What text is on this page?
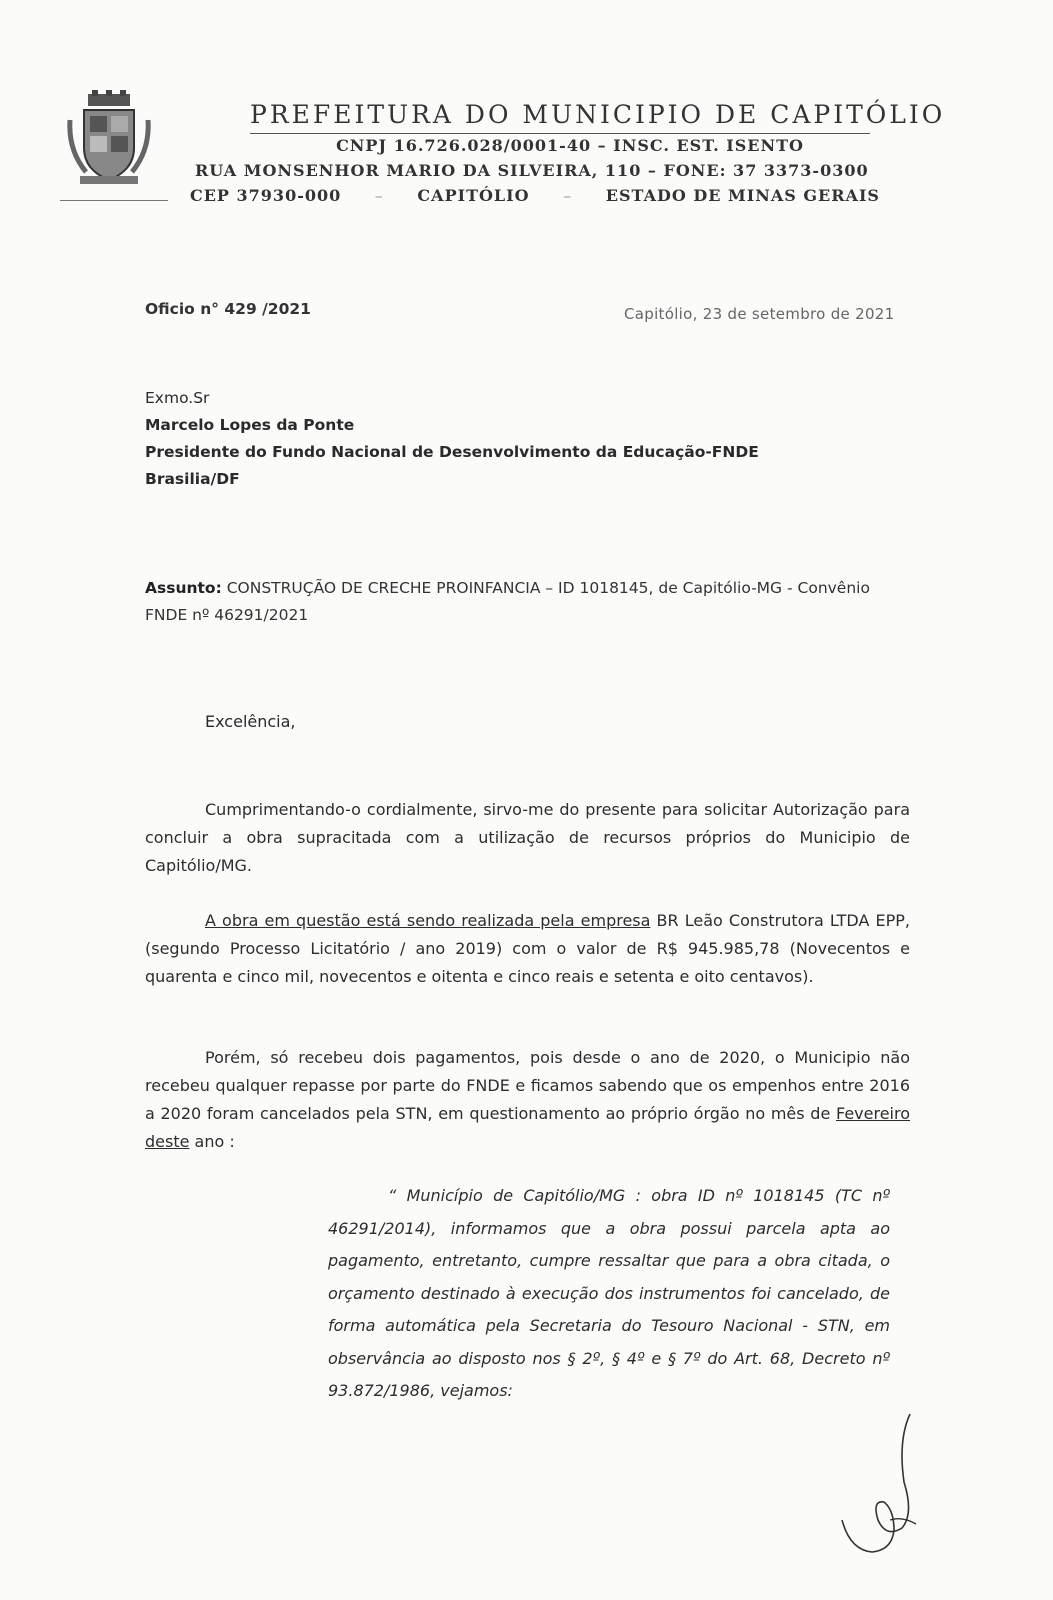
PREFEITURA DO MUNICIPIO DE CAPITÓLIO
CNPJ 16.726.028/0001-40 – INSC. EST. ISENTO
RUA MONSENHOR MARIO DA SILVEIRA, 110 – FONE: 37 3373-0300
CEP 37930-000 – CAPITÓLIO – ESTADO DE MINAS GERAIS
Oficio n° 429 /2021	Capitólio, 23 de setembro de 2021
Exmo.Sr
Marcelo Lopes da Ponte
Presidente do Fundo Nacional de Desenvolvimento da Educação-FNDE
Brasilia/DF
Assunto: CONSTRUÇÃO DE CRECHE PROINFANCIA – ID 1018145, de Capitólio-MG - Convênio FNDE nº 46291/2021
Excelência,
Cumprimentando-o cordialmente, sirvo-me do presente para solicitar Autorização para concluir a obra supracitada com a utilização de recursos próprios do Municipio de Capitólio/MG.
A obra em questão está sendo realizada pela empresa BR Leão Construtora LTDA EPP, (segundo Processo Licitatório / ano 2019) com o valor de R$ 945.985,78 (Novecentos e quarenta e cinco mil, novecentos e oitenta e cinco reais e setenta e oito centavos).
Porém, só recebeu dois pagamentos, pois desde o ano de 2020, o Municipio não recebeu qualquer repasse por parte do FNDE e ficamos sabendo que os empenhos entre 2016 a 2020 foram cancelados pela STN, em questionamento ao próprio órgão no mês de Fevereiro deste ano :
“ Município de Capitólio/MG : obra ID nº 1018145 (TC nº 46291/2014), informamos que a obra possui parcela apta ao pagamento, entretanto, cumpre ressaltar que para a obra citada, o orçamento destinado à execução dos instrumentos foi cancelado, de forma automática pela Secretaria do Tesouro Nacional - STN, em observância ao disposto nos § 2º, § 4º e § 7º do Art. 68, Decreto nº 93.872/1986, vejamos:
